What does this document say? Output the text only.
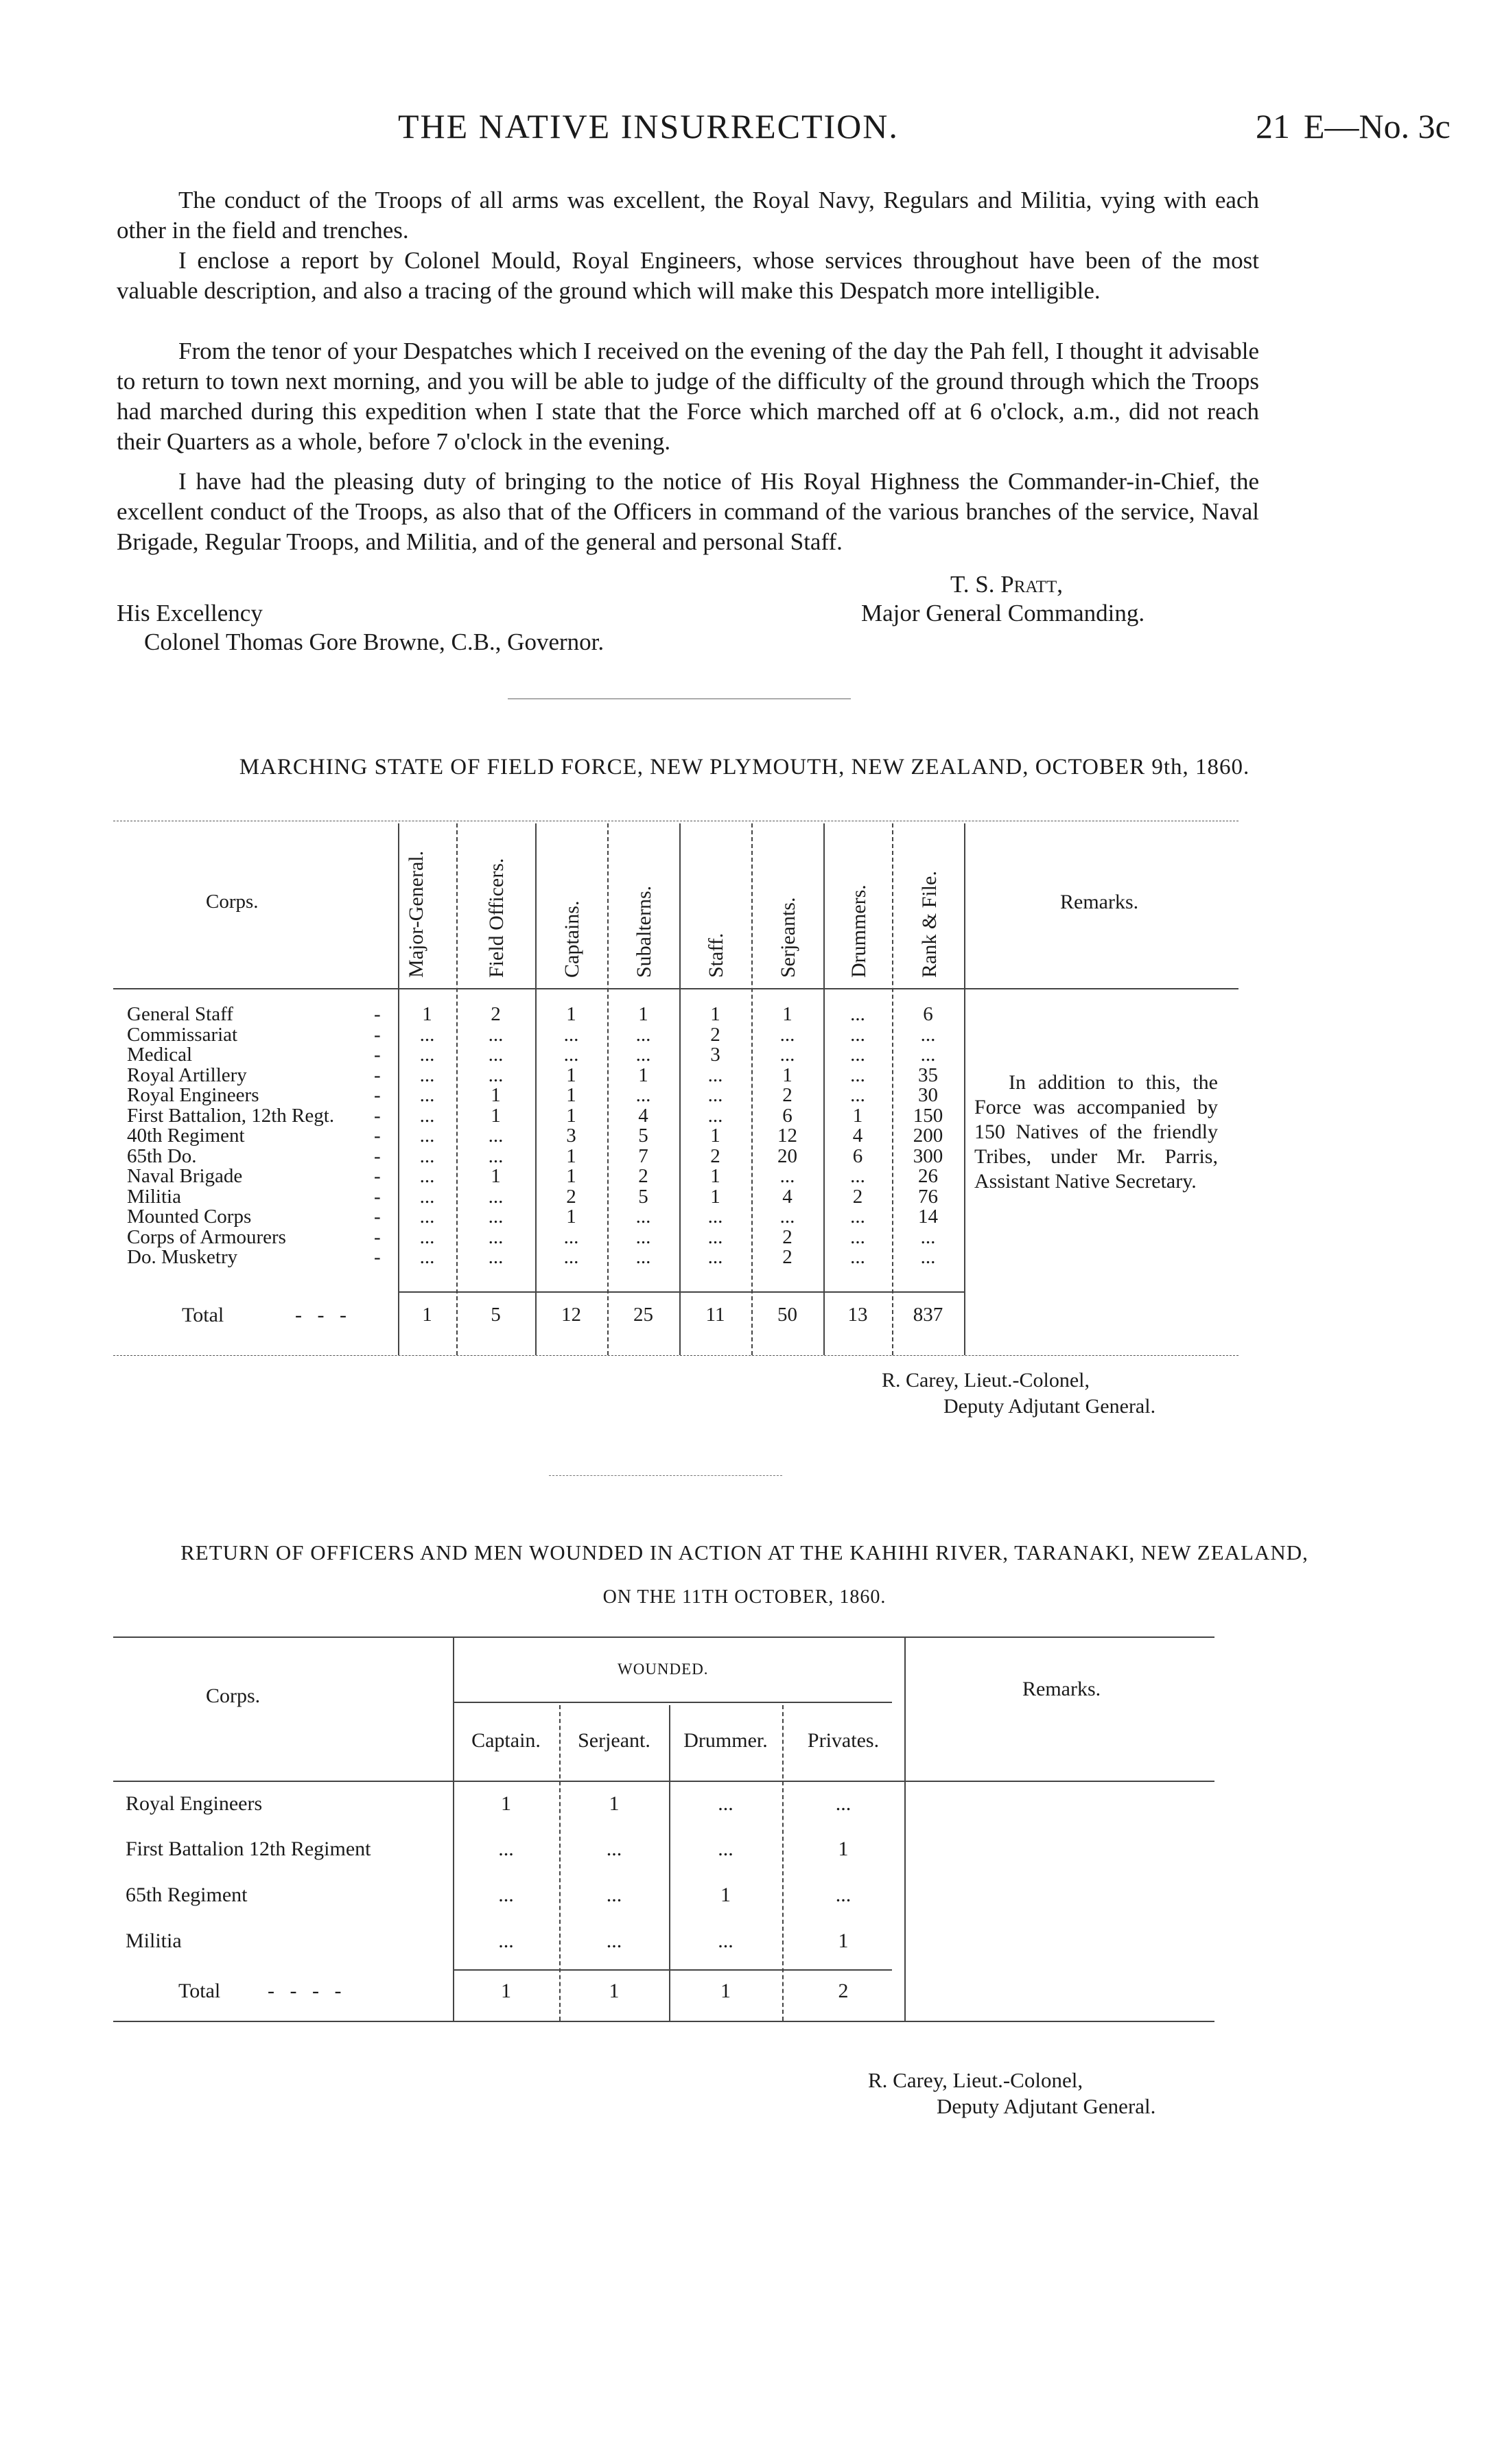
THE NATIVE INSURRECTION.	21 E—No. 3c
The conduct of the Troops of all arms was excellent, the Royal Navy, Regulars and Militia, vying with each other in the field and trenches.
I enclose a report by Colonel Mould, Royal Engineers, whose services throughout have been of the most valuable description, and also a tracing of the ground which will make this Despatch more intelligible.
From the tenor of your Despatches which I received on the evening of the day the Pah fell, I thought it advisable to return to town next morning, and you will be able to judge of the difficulty of the ground through which the Troops had marched during this expedition when I state that the Force which marched off at 6 o'clock, a.m., did not reach their Quarters as a whole, before 7 o'clock in the evening.
I have had the pleasing duty of bringing to the notice of His Royal Highness the Commander-in-Chief, the excellent conduct of the Troops, as also that of the Officers in command of the various branches of the service, Naval Brigade, Regular Troops, and Militia, and of the general and personal Staff.
T. S. Pratt,
Major General Commanding.
His Excellency
Colonel Thomas Gore Browne, C.B., Governor.
MARCHING STATE OF FIELD FORCE, NEW PLYMOUTH, NEW ZEALAND, OCTOBER 9th, 1860.
Corps.	Remarks.
Major-General.	Field Officers.	Captains. Subalterns. Staff. Serjeants. Drummers. Rank & File.
General Staff	-	1	2	1	1	1	1	...	6
Commissariat	-	...	...	...	...	2	...	...	...
Medical	-	...	...	...	...	3	...	...	...
Royal Artillery	-	...	...	1	1	...	1	...	35
Royal Engineers	-	...	1	1	...	...	2	...	30
First Battalion, 12th Regt.	-	...	1	1	4	...	6	1	150
40th Regiment	-	...	...	3	5	1	12	4	200
65th Do.	-	...	...	1	7	2	20	6	300
Naval Brigade	-	...	1	1	2	1	...	...	26
Militia	-	...	...	2	5	1	4	2	76
Mounted Corps	-	...	...	1	...	...	...	...	14
Corps of Armourers	-	...	...	...	...	...	2	...	...
Do. Musketry	-	...	...	...	...	...	2	...	...
Total	-   -   -	1	5	12	25	11	50	13	837
In addition to this, the Force was accompanied by 150 Natives of the friendly Tribes, under Mr. Parris, Assistant Native Secretary.
R. Carey, Lieut.-Colonel,
Deputy Adjutant General.
RETURN OF OFFICERS AND MEN WOUNDED IN ACTION AT THE KAHIHI RIVER, TARANAKI, NEW ZEALAND,
ON THE 11TH OCTOBER, 1860.
Corps.
WOUNDED.
Remarks.
Captain.	Serjeant.	Drummer.	Privates.
Royal Engineers	1	1	...	...
First Battalion 12th Regiment	...	...	...	1
65th Regiment	...	...	1	...
Militia	...	...	...	1
Total -   -   -   -	1	1	1	2
R. Carey, Lieut.-Colonel,
Deputy Adjutant General.
